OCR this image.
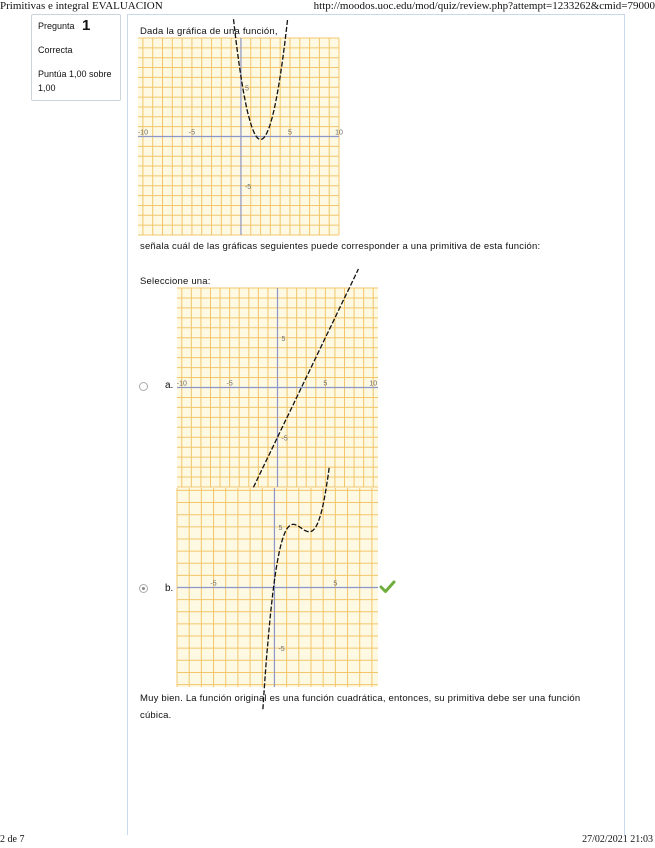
Primitivas e integral EVALUACION	http://moodos.uoc.edu/mod/quiz/review.php?attempt=1233262&cmid=79000
Pregunta 1
Correcta
Puntúa 1,00 sobre 1,00
Dada la gráfica de una función,
-10	-5	5	10
5
-5
señala cuál de las gráficas seguientes puede corresponder a una primitiva de esta función:
Seleccione una:
a. -10	-5	5	10
5
-5
b.	-5	5
5
-5
Muy bien. La función original es una función cuadrática, entonces, su primitiva debe ser una función cúbica.
2 de 7	27/02/2021 21:03
